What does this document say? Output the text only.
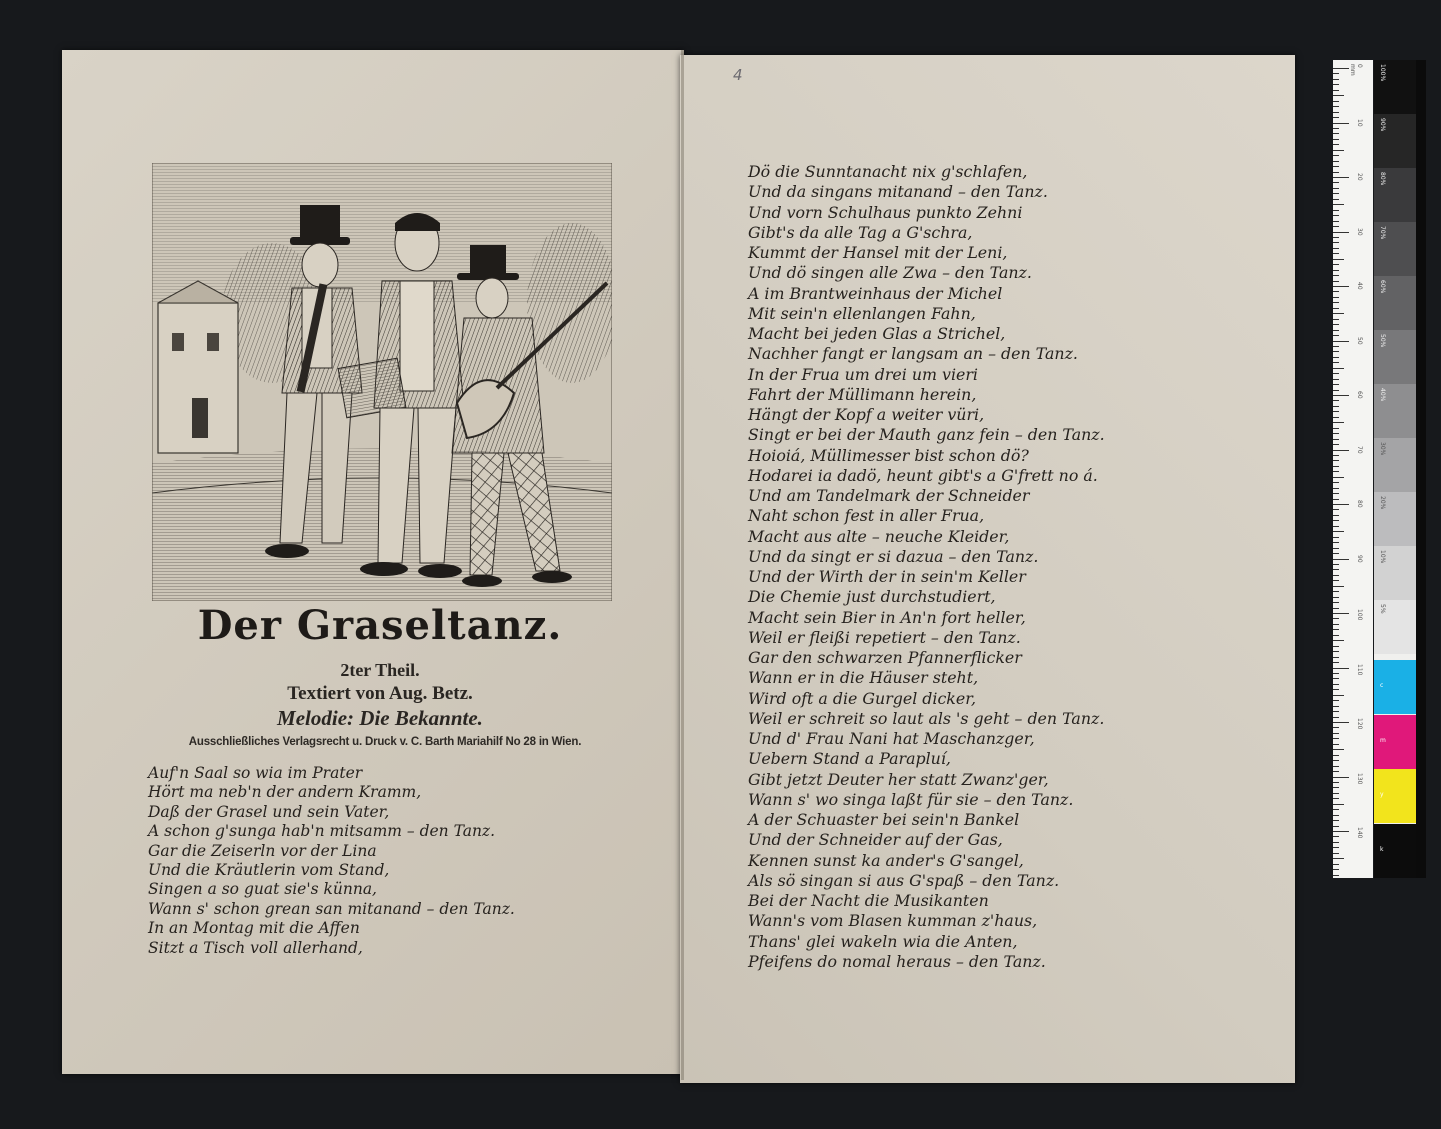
Der Graseltanz.
2ter Theil.
Textiert von Aug. Betz.
Melodie: Die Bekannte.
Ausschließliches Verlagsrecht u. Druck v. C. Barth Mariahilf No 28 in Wien.
Auf'n Saal so wia im Prater
Hört ma neb'n der andern Kramm,
Daß der Grasel und sein Vater,
A schon g'sunga hab'n mitsamm – den Tanz.
Gar die Zeiserln vor der Lina
Und die Kräutlerin vom Stand,
Singen a so guat sie's künna,
Wann s' schon grean san mitanand – den Tanz.
In an Montag mit die Affen
Sitzt a Tisch voll allerhand,
4
Dö die Sunntanacht nix g'schlafen,
Und da singans mitanand – den Tanz.
Und vorn Schulhaus punkto Zehni
Gibt's da alle Tag a G'schra,
Kummt der Hansel mit der Leni,
Und dö singen alle Zwa – den Tanz.
A im Brantweinhaus der Michel
Mit sein'n ellenlangen Fahn,
Macht bei jeden Glas a Strichel,
Nachher fangt er langsam an – den Tanz.
In der Frua um drei um vieri
Fahrt der Müllimann herein,
Hängt der Kopf a weiter vüri,
Singt er bei der Mauth ganz fein – den Tanz.
Hoioiá, Müllimesser bist schon dö?
Hodarei ia dadö, heunt gibt's a G'frett no á.
Und am Tandelmark der Schneider
Naht schon fest in aller Frua,
Macht aus alte – neuche Kleider,
Und da singt er si dazua – den Tanz.
Und der Wirth der in sein'm Keller
Die Chemie just durchstudiert,
Macht sein Bier in An'n fort heller,
Weil er fleißi repetiert – den Tanz.
Gar den schwarzen Pfannerflicker
Wann er in die Häuser steht,
Wird oft a die Gurgel dicker,
Weil er schreit so laut als 's geht – den Tanz.
Und d' Frau Nani hat Maschanzger,
Uebern Stand a Parapluí,
Gibt jetzt Deuter her statt Zwanz'ger,
Wann s' wo singa laßt für sie – den Tanz.
A der Schuaster bei sein'n Bankel
Und der Schneider auf der Gas,
Kennen sunst ka ander's G'sangel,
Als sö singan si aus G'spaß – den Tanz.
Bei der Nacht die Musikanten
Wann's vom Blasen kumman z'haus,
Thans' glei wakeln wia die Anten,
Pfeifens do nomal heraus – den Tanz.
0 mm
10
20
30
40
50
60
70
80
90
100
110
120
130
140
100%
90%
80%
70%
60%
50%
40%
30%
20%
10%
5%
c
m
y
k
